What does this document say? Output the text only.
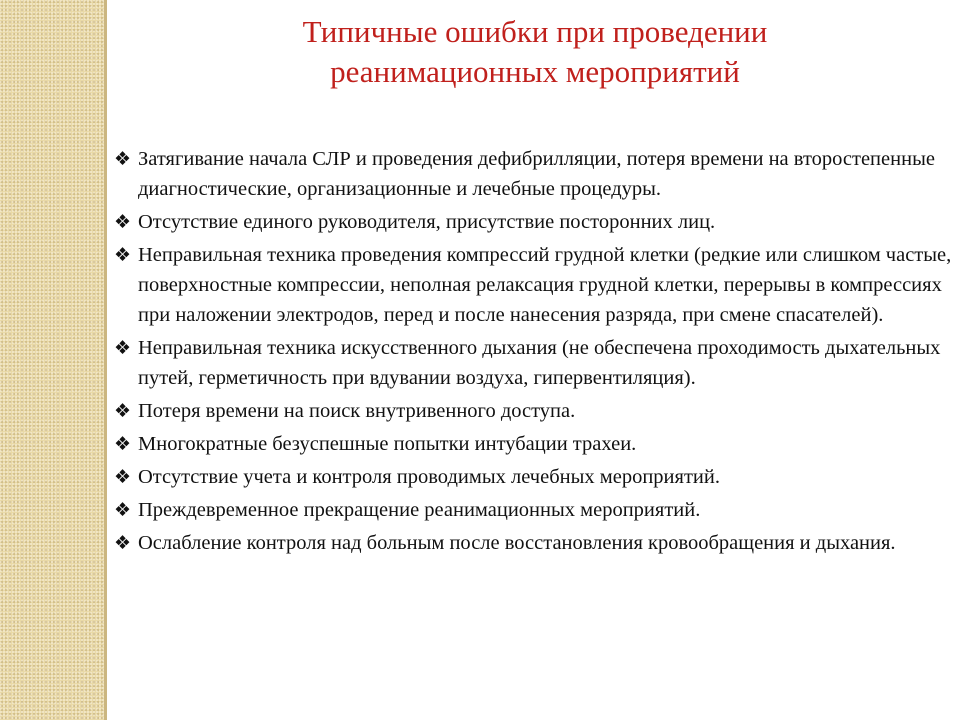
Типичные ошибки при проведении
реанимационных мероприятий
❖ Затягивание начала СЛР и проведения дефибрилляции, потеря времени на второстепенные диагностические, организационные и лечебные процедуры.
❖ Отсутствие единого руководителя, присутствие посторонних лиц.
❖ Неправильная техника проведения компрессий грудной клетки (редкие или слишком частые, поверхностные компрессии, неполная релаксация грудной клетки, перерывы в компрессиях при наложении электродов, перед и после нанесения разряда, при смене спасателей).
❖ Неправильная техника искусственного дыхания (не обеспечена проходимость дыхательных путей, герметичность при вдувании воздуха, гипервентиляция).
❖ Потеря времени на поиск внутривенного доступа.
❖ Многократные безуспешные попытки интубации трахеи.
❖ Отсутствие учета и контроля проводимых лечебных мероприятий.
❖ Преждевременное прекращение реанимационных мероприятий.
❖ Ослабление контроля над больным после восстановления кровообращения и дыхания.
